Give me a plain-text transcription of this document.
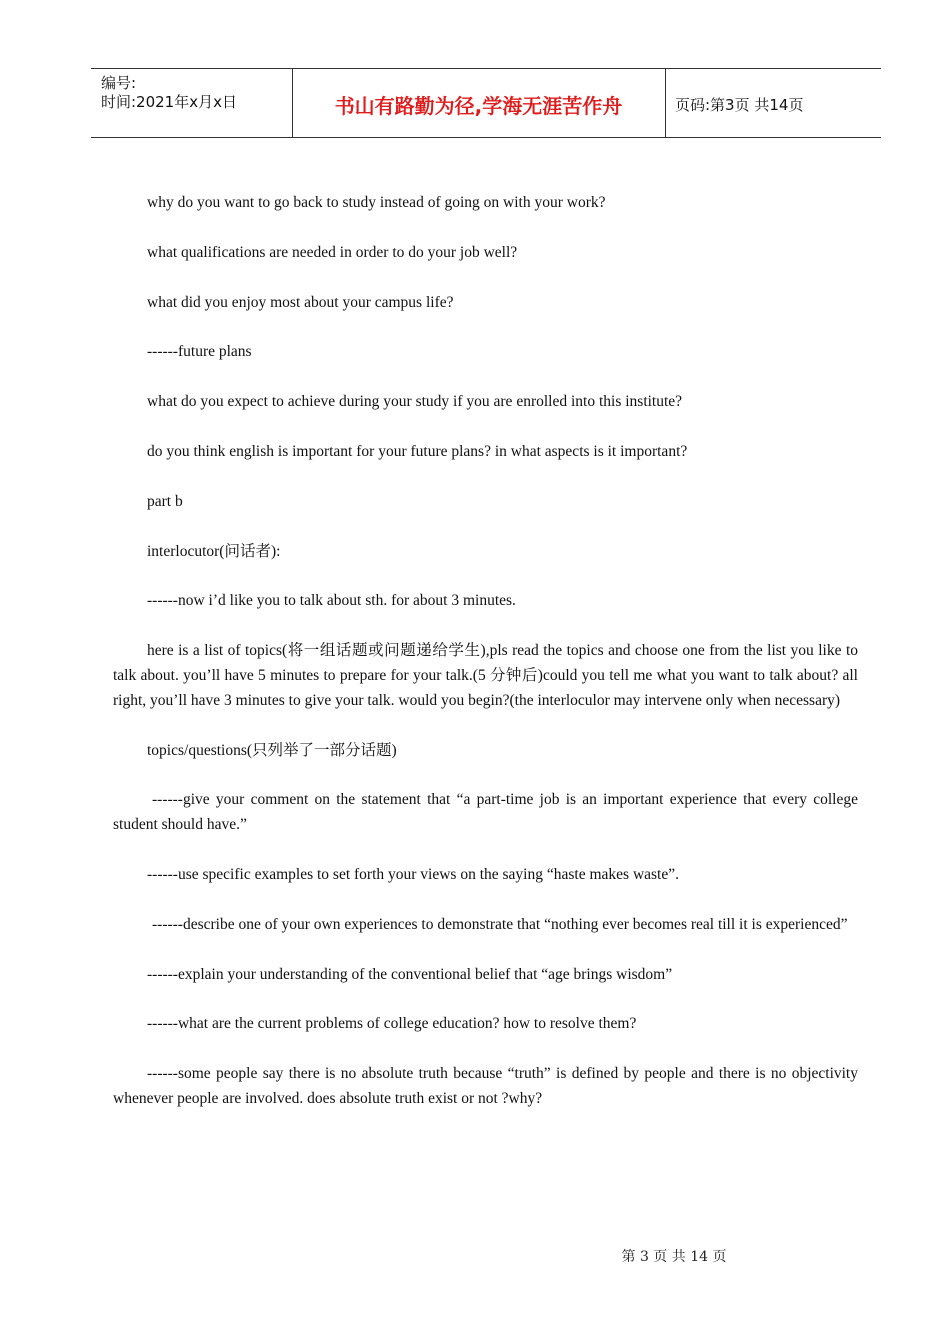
编号:
时间:2021年x月x日	书山有路勤为径,学海无涯苦作舟	页码:第3页 共14页

why do you want to go back to study instead of going on with your work?

what qualifications are needed in order to do your job well?

what did you enjoy most about your campus life?

------future plans

what do you expect to achieve during your study if you are enrolled into this institute?

do you think english is important for your future plans? in what aspects is it important?

part b

interlocutor(问话者):

------now i’d like you to talk about sth. for about 3 minutes.

here is a list of topics(将一组话题或问题递给学生),pls read the topics and choose one from the list you like to talk about. you’ll have 5 minutes to prepare for your talk.(5 分钟后)could you tell me what you want to talk about? all right, you’ll have 3 minutes to give your talk. would you begin?(the interloculor may intervene only when necessary)

topics/questions(只列举了一部分话题)

------give your comment on the statement that “a part-time job is an important experience that every college student should have.”

------use specific examples to set forth your views on the saying “haste makes waste”.

------describe one of your own experiences to demonstrate that “nothing ever becomes real till it is experienced”

------explain your understanding of the conventional belief that “age brings wisdom”

------what are the current problems of college education? how to resolve them?

------some people say there is no absolute truth because “truth” is defined by people and there is no objectivity whenever people are involved. does absolute truth exist or not ?why?

第 3 页 共 14 页
